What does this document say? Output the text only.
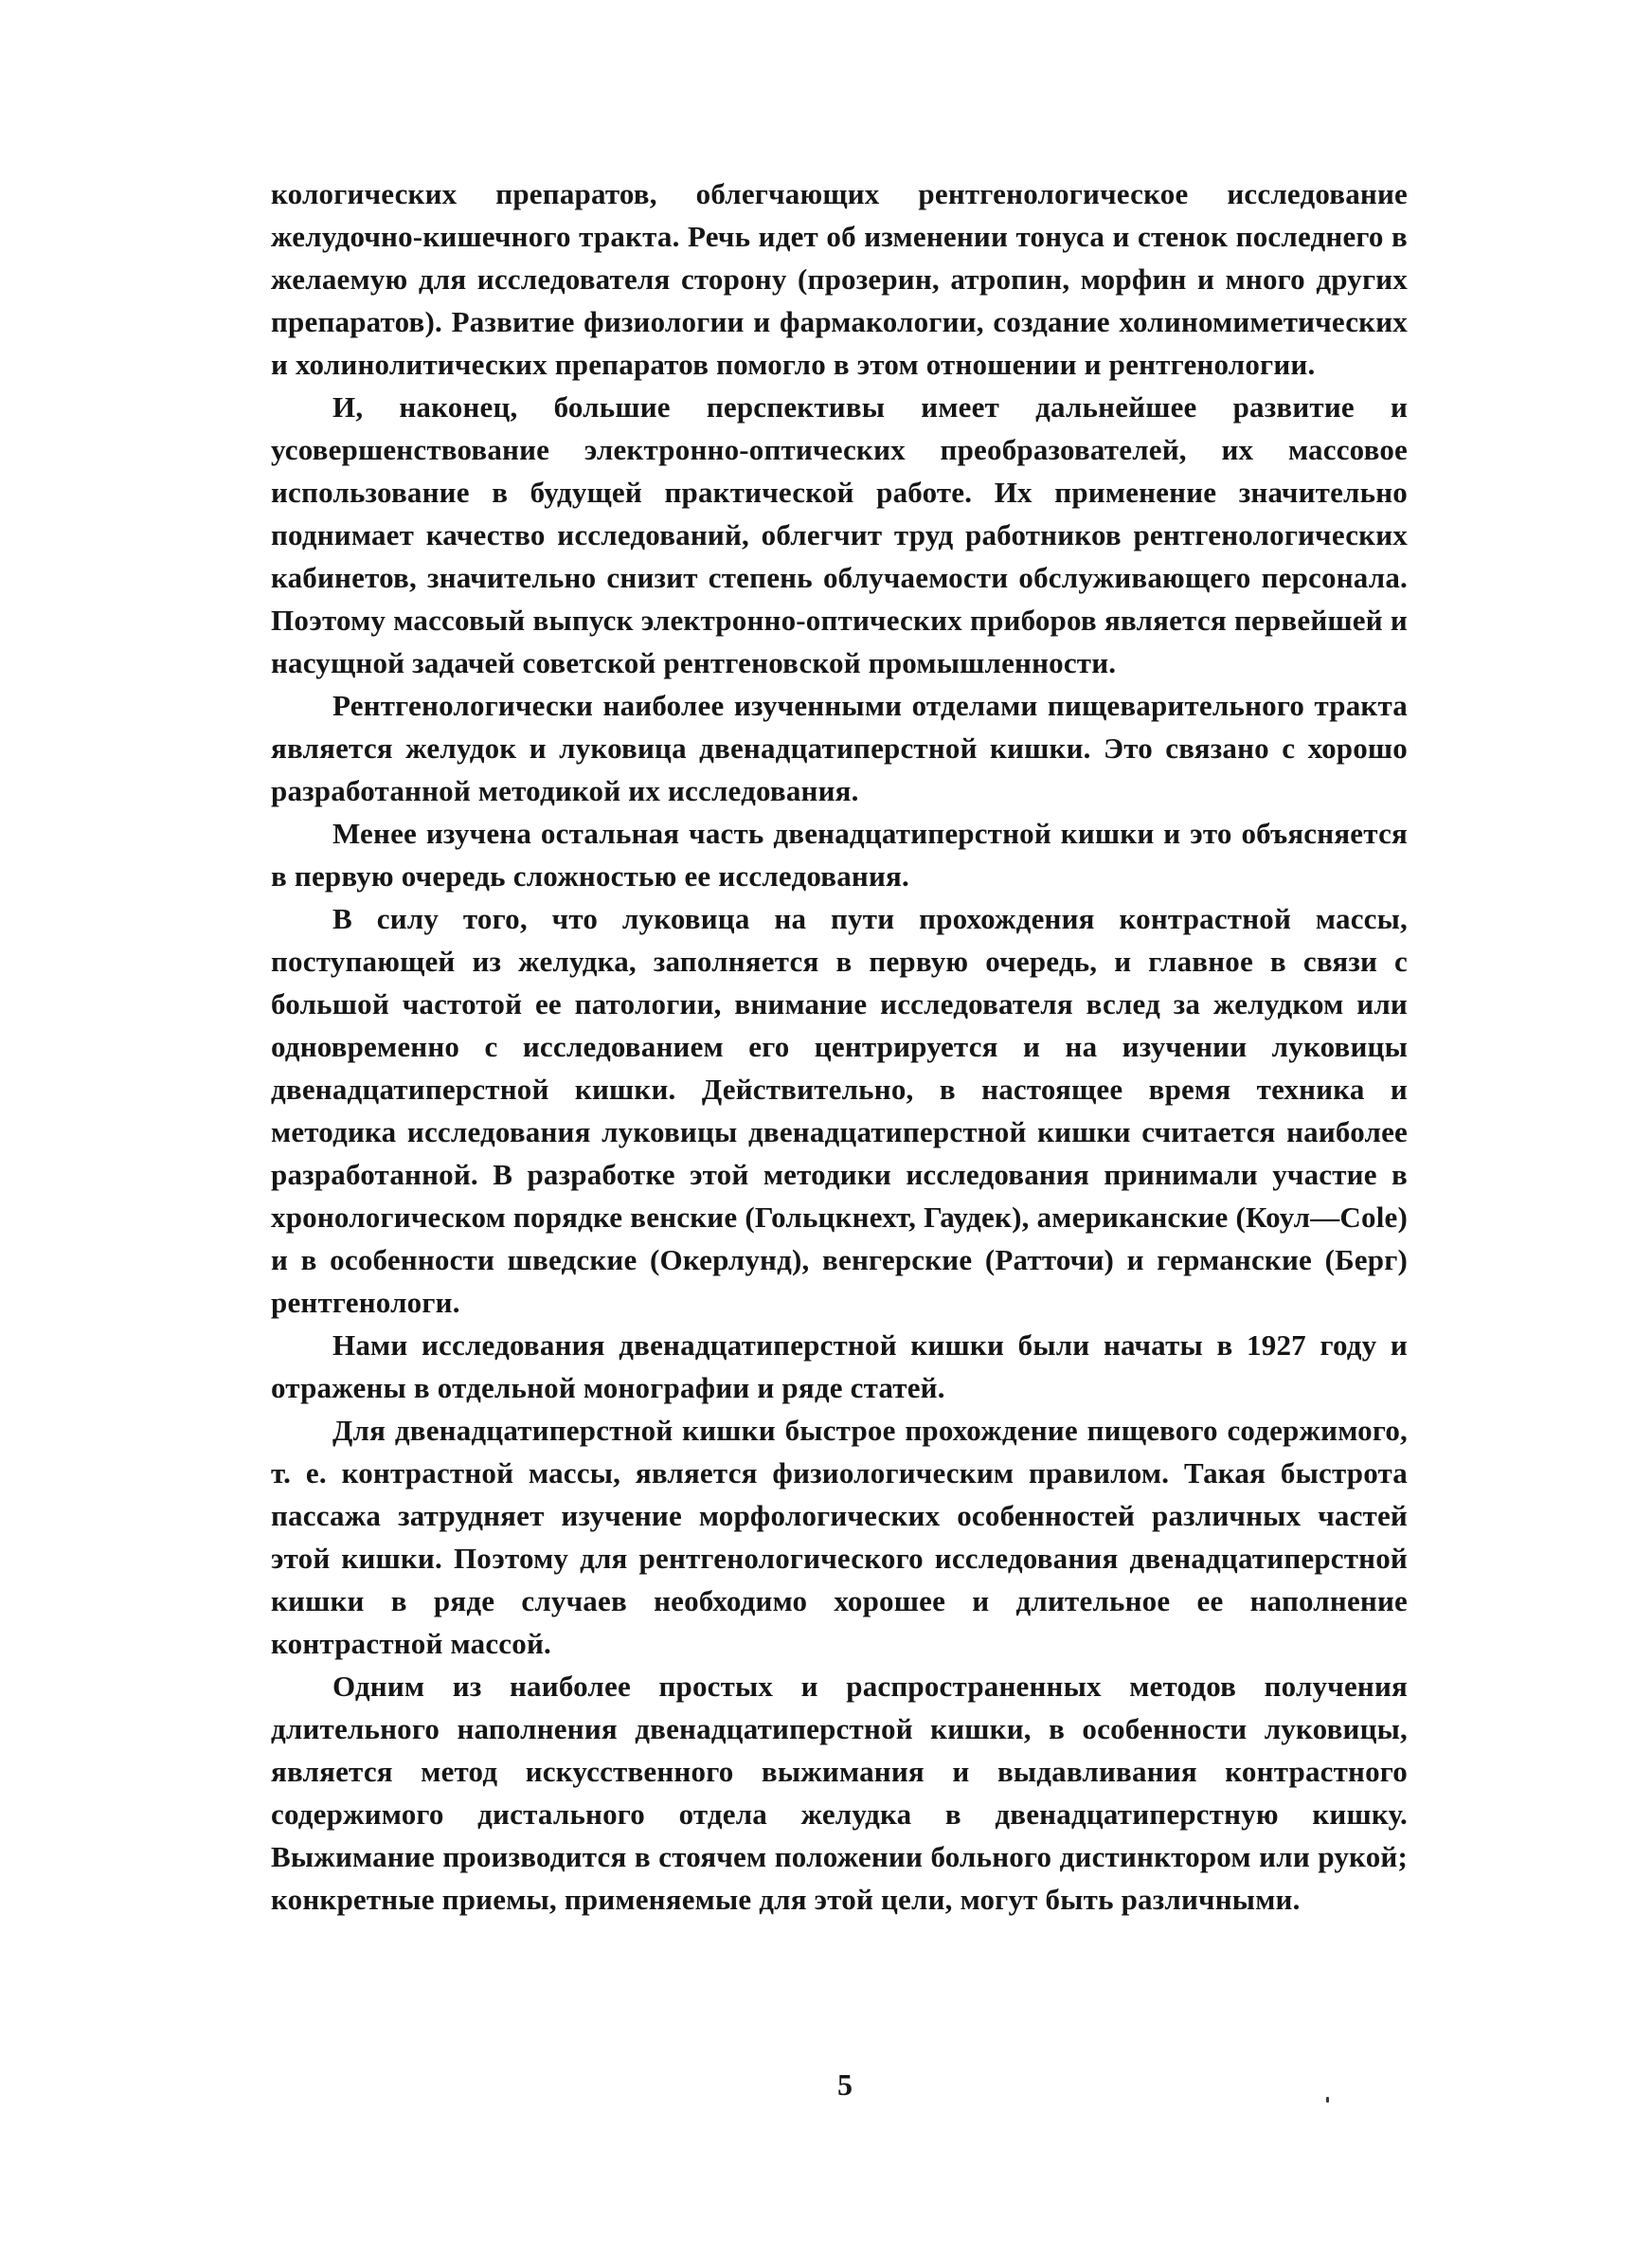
кологических препаратов, облегчающих рентгенологическое исследование желудочно-кишечного тракта. Речь идет об изменении тонуса и стенок последнего в желаемую для исследователя сторону (прозерин, атропин, морфин и много других препаратов). Развитие физиологии и фармакологии, создание холиномиметических и холинолитических препаратов помогло в этом отношении и рентгенологии.

И, наконец, большие перспективы имеет дальнейшее развитие и усовершенствование электронно-оптических преобразователей, их массовое использование в будущей практической работе. Их применение значительно поднимает качество исследований, облегчит труд работников рентгенологических кабинетов, значительно снизит степень облучаемости обслуживающего персонала. Поэтому массовый выпуск электронно-оптических приборов является первейшей и насущной задачей советской рентгеновской промышленности.

Рентгенологически наиболее изученными отделами пищеварительного тракта является желудок и луковица двенадцатиперстной кишки. Это связано с хорошо разработанной методикой их исследования.

Менее изучена остальная часть двенадцатиперстной кишки и это объясняется в первую очередь сложностью ее исследования.

В силу того, что луковица на пути прохождения контрастной массы, поступающей из желудка, заполняется в первую очередь, и главное в связи с большой частотой ее патологии, внимание исследователя вслед за желудком или одновременно с исследованием его центрируется и на изучении луковицы двенадцатиперстной кишки. Действительно, в настоящее время техника и методика исследования луковицы двенадцатиперстной кишки считается наиболее разработанной. В разработке этой методики исследования принимали участие в хронологическом порядке венские (Гольцкнехт, Гаудек), американские (Коул—Cole) и в особенности шведские (Окерлунд), венгерские (Ратточи) и германские (Берг) рентгенологи.

Нами исследования двенадцатиперстной кишки были начаты в 1927 году и отражены в отдельной монографии и ряде статей.

Для двенадцатиперстной кишки быстрое прохождение пищевого содержимого, т. е. контрастной массы, является физиологическим правилом. Такая быстрота пассажа затрудняет изучение морфологических особенностей различных частей этой кишки. Поэтому для рентгенологического исследования двенадцатиперстной кишки в ряде случаев необходимо хорошее и длительное ее наполнение контрастной массой.

Одним из наиболее простых и распространенных методов получения длительного наполнения двенадцатиперстной кишки, в особенности луковицы, является метод искусственного выжимания и выдавливания контрастного содержимого дистального отдела желудка в двенадцатиперстную кишку. Выжимание производится в стоячем положении больного дистинктором или рукой; конкретные приемы, применяемые для этой цели, могут быть различными.

5
